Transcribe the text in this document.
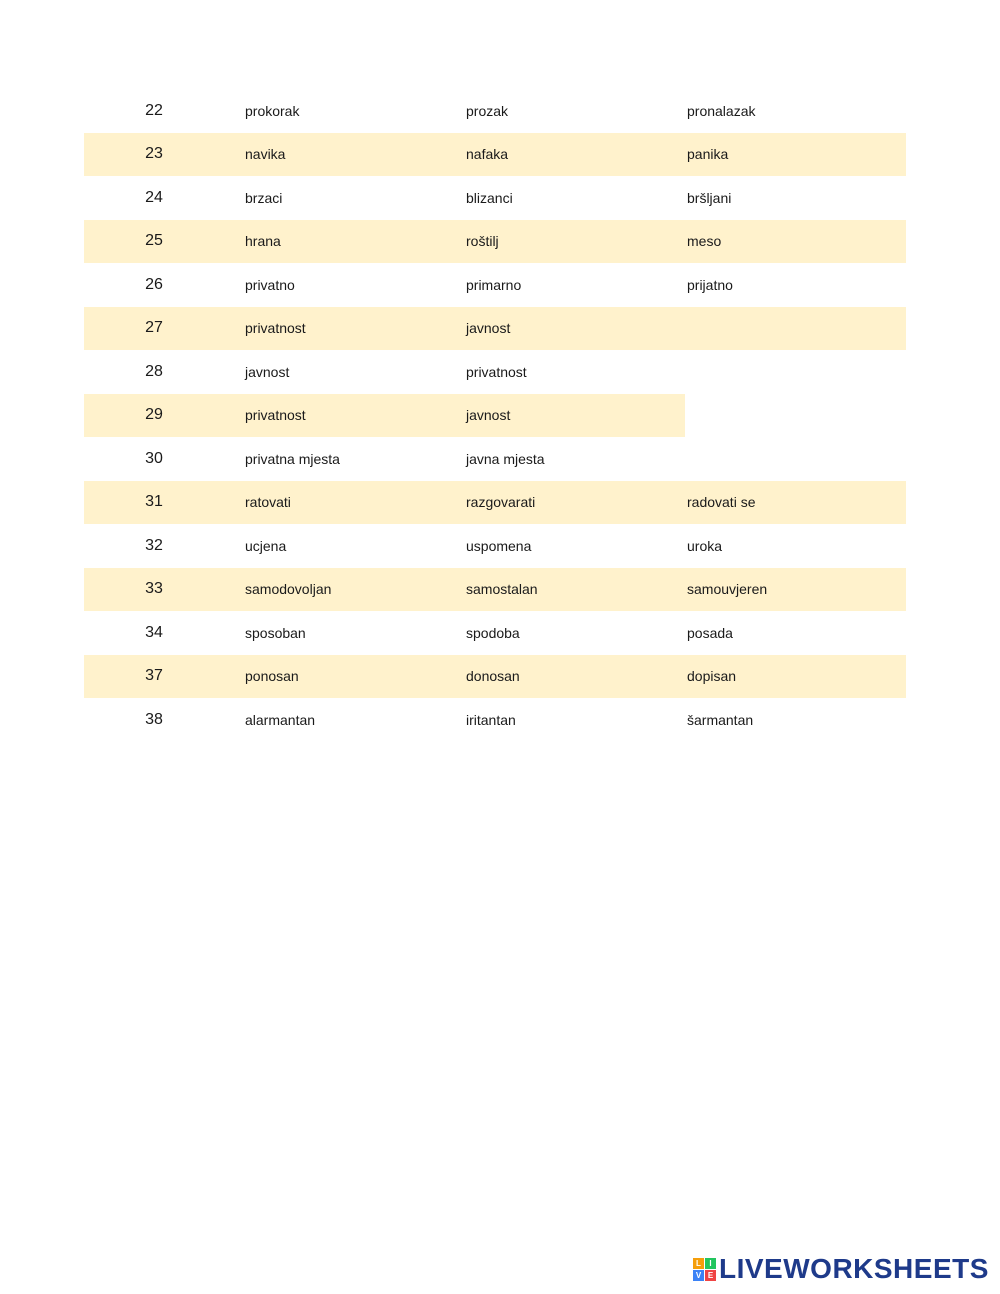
22	prokorak	prozak	pronalazak
23	navika	nafaka	panika
24	brzaci	blizanci	bršljani
25	hrana	roštilj	meso
26	privatno	primarno	prijatno
27	privatnost	javnost
28	javnost	privatnost
29	privatnost	javnost
30	privatna mjesta	javna mjesta
31	ratovati	razgovarati	radovati se
32	ucjena	uspomena	uroka
33	samodovoljan	samostalan	samouvjeren
34	sposoban	spodoba	posada
37	ponosan	donosan	dopisan
38	alarmantan	iritantan	šarmantan
L	I
V E LIVEWORKSHEETS
